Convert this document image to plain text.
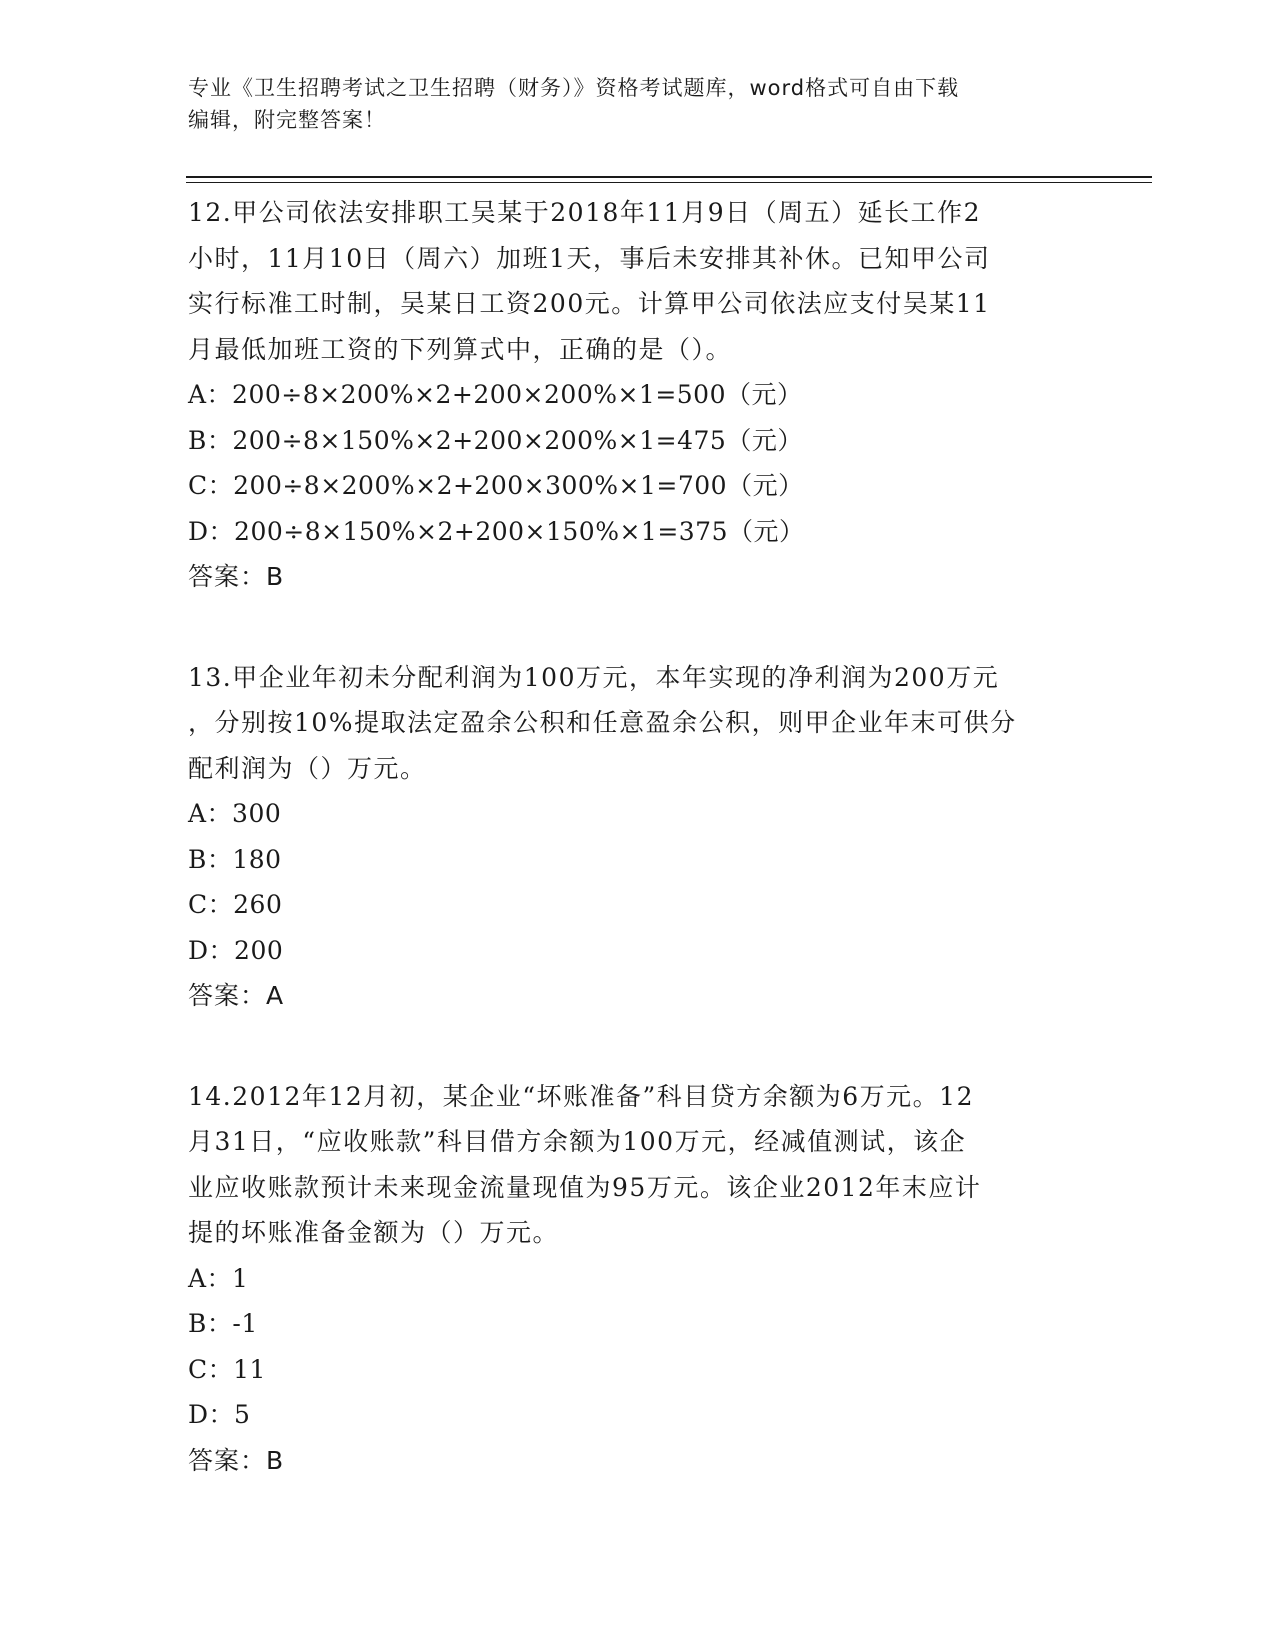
专业《卫生招聘考试之卫生招聘（财务）》资格考试题库，word格式可自由下载
编辑，附完整答案！

12.甲公司依法安排职工吴某于2018年11月9日（周五）延长工作2
小时，11月10日（周六）加班1天，事后未安排其补休。已知甲公司
实行标准工时制，吴某日工资200元。计算甲公司依法应支付吴某11
月最低加班工资的下列算式中，正确的是（）。

A：200÷8×200%×2+200×200%×1=500（元）
B：200÷8×150%×2+200×200%×1=475（元）
C：200÷8×200%×2+200×300%×1=700（元）
D：200÷8×150%×2+200×150%×1=375（元）

答案：B

13.甲企业年初未分配利润为100万元，本年实现的净利润为200万元
，分别按10%提取法定盈余公积和任意盈余公积，则甲企业年末可供分
配利润为（）万元。

A：300
B：180
C：260
D：200

答案：A

14.2012年12月初，某企业“坏账准备”科目贷方余额为6万元。12
月31日，“应收账款”科目借方余额为100万元，经减值测试，该企
业应收账款预计未来现金流量现值为95万元。该企业2012年末应计
提的坏账准备金额为（）万元。

A：1
B：-1
C：11
D：5

答案：B
